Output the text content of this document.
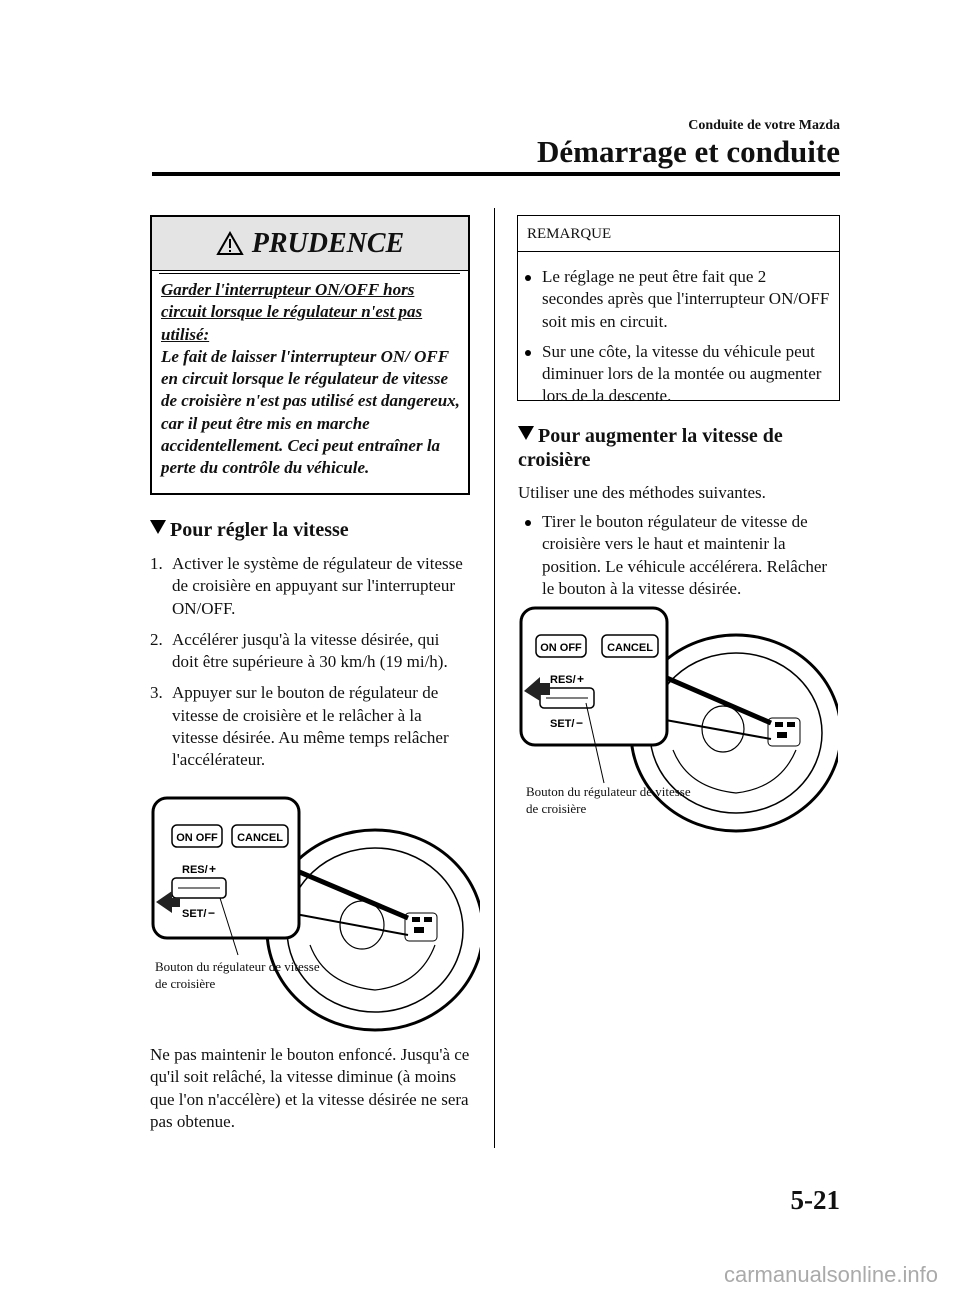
Conduite de votre Mazda
Démarrage et conduite
PRUDENCE
Garder l'interrupteur ON/OFF hors circuit lorsque le régulateur n'est pas utilisé:
Le fait de laisser l'interrupteur ON/ OFF en circuit lorsque le régulateur de vitesse de croisière n'est pas utilisé est dangereux, car il peut être mis en marche accidentellement. Ceci peut entraîner la perte du contrôle du véhicule.
Pour régler la vitesse
1. Activer le système de régulateur de vitesse de croisière en appuyant sur l'interrupteur ON/OFF.
2. Accélérer jusqu'à la vitesse désirée, qui doit être supérieure à 30 km/h (19 mi/h).
3. Appuyer sur le bouton de régulateur de vitesse de croisière et le relâcher à la vitesse désirée. Au même temps relâcher l'accélérateur.
ON OFF CANCEL
RES/ +
SET/ −
Bouton du régulateur de vitesse de croisière
Ne pas maintenir le bouton enfoncé. Jusqu'à ce qu'il soit relâché, la vitesse diminue (à moins que l'on n'accélère) et la vitesse désirée ne sera pas obtenue.
REMARQUE
Le réglage ne peut être fait que 2 secondes après que l'interrupteur ON/OFF soit mis en circuit.
Sur une côte, la vitesse du véhicule peut diminuer lors de la montée ou augmenter lors de la descente.
Pour augmenter la vitesse de croisière
Utiliser une des méthodes suivantes.
Tirer le bouton régulateur de vitesse de croisière vers le haut et maintenir la position. Le véhicule accélérera. Relâcher le bouton à la vitesse désirée.
ON OFF CANCEL
RES/ +
SET/ −
Bouton du régulateur de vitesse de croisière
5-21
carmanualsonline.info
